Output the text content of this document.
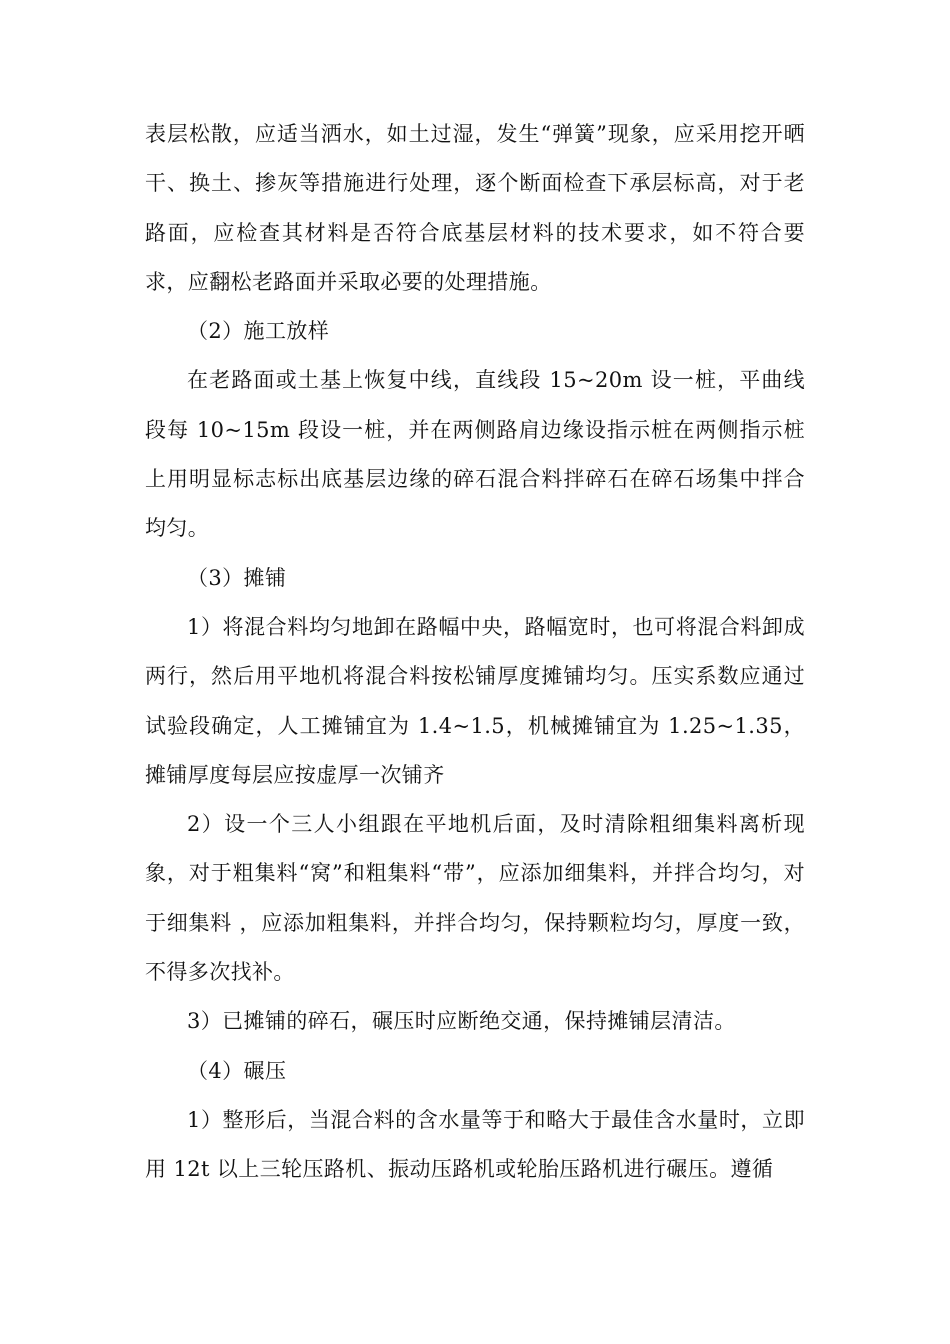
表层松散，应适当洒水，如土过湿，发生“弹簧”现象，应采用挖开晒干、换土、掺灰等措施进行处理，逐个断面检查下承层标高，对于老路面，应检查其材料是否符合底基层材料的技术要求，如不符合要求，应翻松老路面并采取必要的处理措施。

（2）施工放样

在老路面或土基上恢复中线，直线段 15~20m 设一桩，平曲线段每 10~15m 段设一桩，并在两侧路肩边缘设指示桩在两侧指示桩上用明显标志标出底基层边缘的碎石混合料拌碎石在碎石场集中拌合均匀。

（3）摊铺

1）将混合料均匀地卸在路幅中央，路幅宽时，也可将混合料卸成两行，然后用平地机将混合料按松铺厚度摊铺均匀。压实系数应通过试验段确定，人工摊铺宜为 1.4~1.5，机械摊铺宜为 1.25~1.35，摊铺厚度每层应按虚厚一次铺齐

2）设一个三人小组跟在平地机后面，及时清除粗细集料离析现象，对于粗集料“窝”和粗集料“带”，应添加细集料，并拌合均匀，对于细集料 ，应添加粗集料，并拌合均匀，保持颗粒均匀，厚度一致，不得多次找补。

3）已摊铺的碎石，碾压时应断绝交通，保持摊铺层清洁。

（4）碾压

1）整形后，当混合料的含水量等于和略大于最佳含水量时，立即用 12t 以上三轮压路机、振动压路机或轮胎压路机进行碾压。遵循
